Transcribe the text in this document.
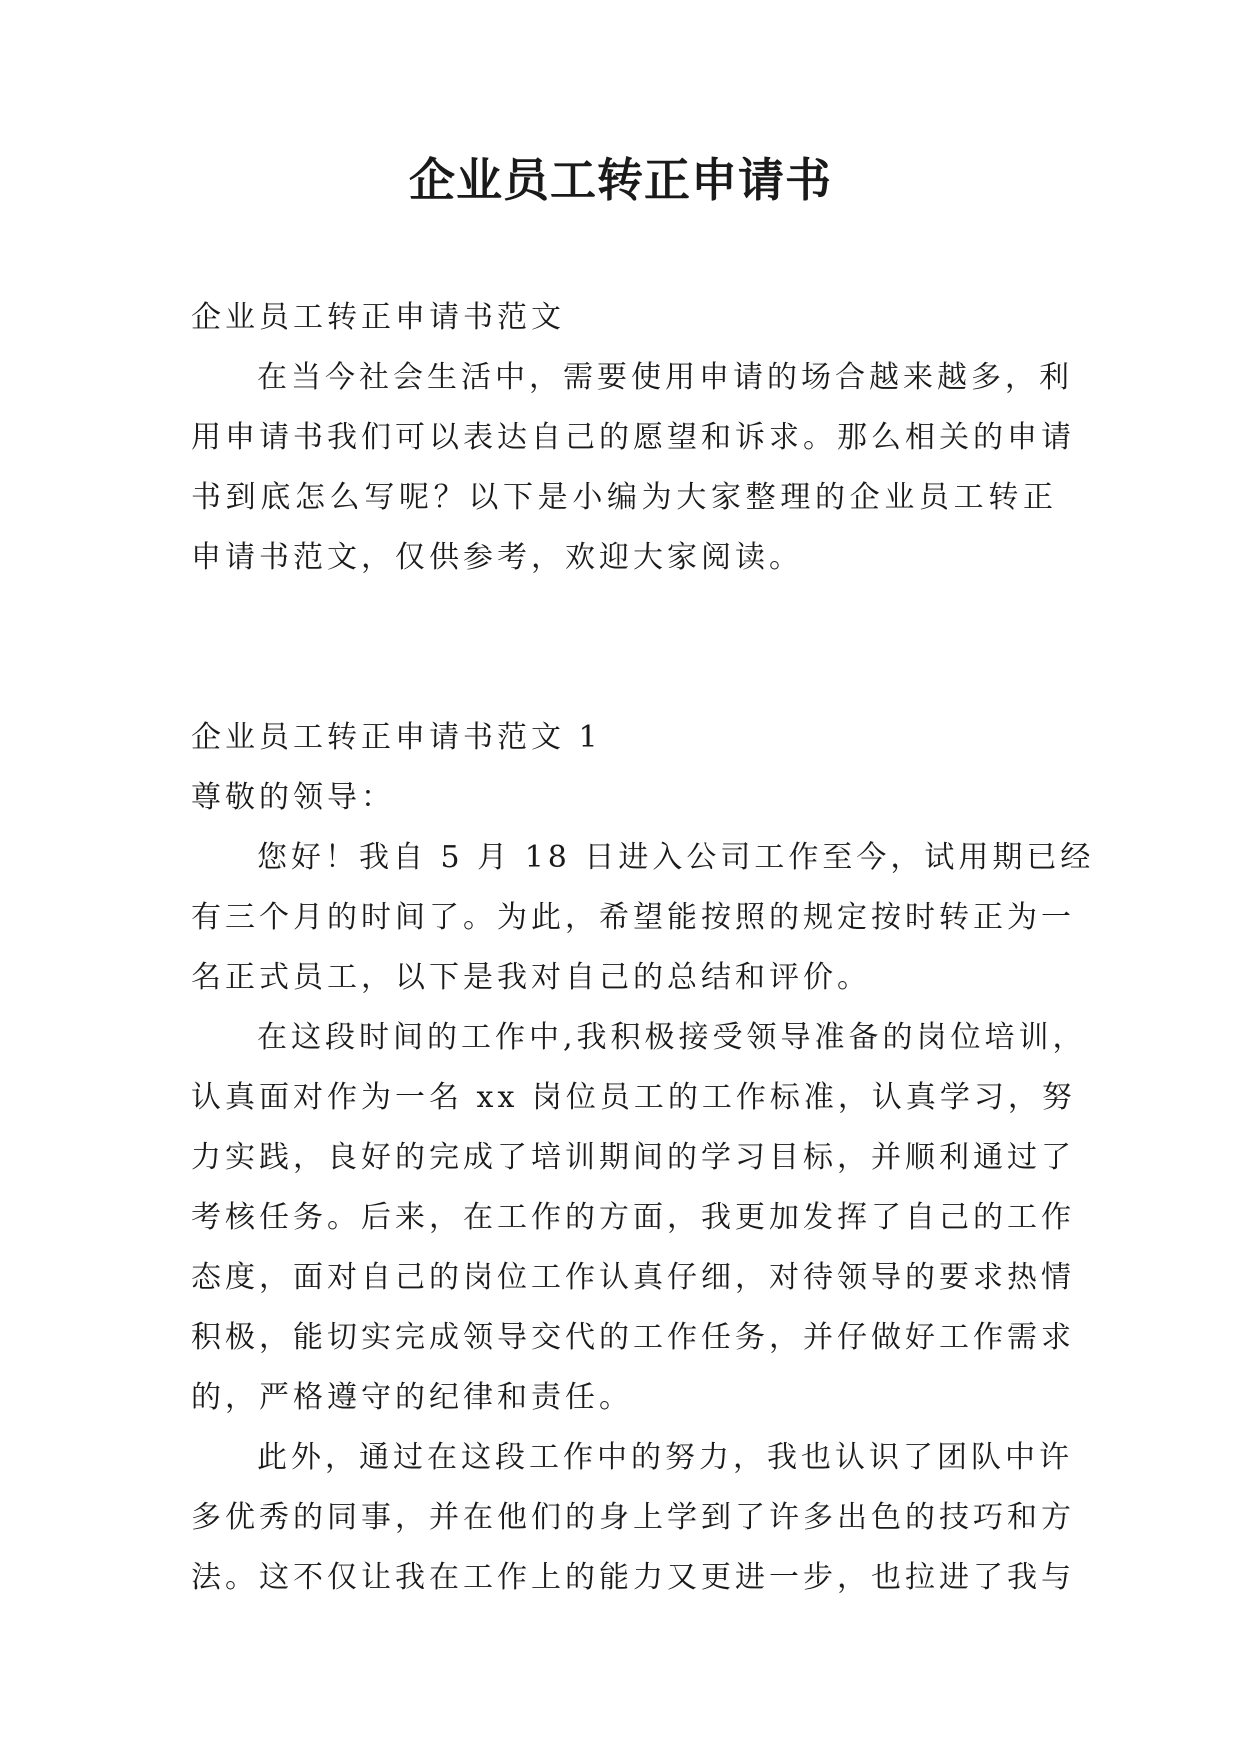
企业员工转正申请书
企业员工转正申请书范文
在当今社会生活中，需要使用申请的场合越来越多，利
用申请书我们可以表达自己的愿望和诉求。那么相关的申请
书到底怎么写呢？以下是小编为大家整理的企业员工转正
申请书范文，仅供参考，欢迎大家阅读。
企业员工转正申请书范文 1
尊敬的领导：
您好！我自 5 月 18 日进入公司工作至今，试用期已经
有三个月的时间了。为此，希望能按照的规定按时转正为一
名正式员工，以下是我对自己的总结和评价。
在这段时间的工作中,我积极接受领导准备的岗位培训，
认真面对作为一名 xx 岗位员工的工作标准，认真学习，努
力实践，良好的完成了培训期间的学习目标，并顺利通过了
考核任务。后来，在工作的方面，我更加发挥了自己的工作
态度，面对自己的岗位工作认真仔细，对待领导的要求热情
积极，能切实完成领导交代的工作任务，并仔做好工作需求
的，严格遵守的纪律和责任。
此外，通过在这段工作中的努力，我也认识了团队中许
多优秀的同事，并在他们的身上学到了许多出色的技巧和方
法。这不仅让我在工作上的能力又更进一步，也拉进了我与
